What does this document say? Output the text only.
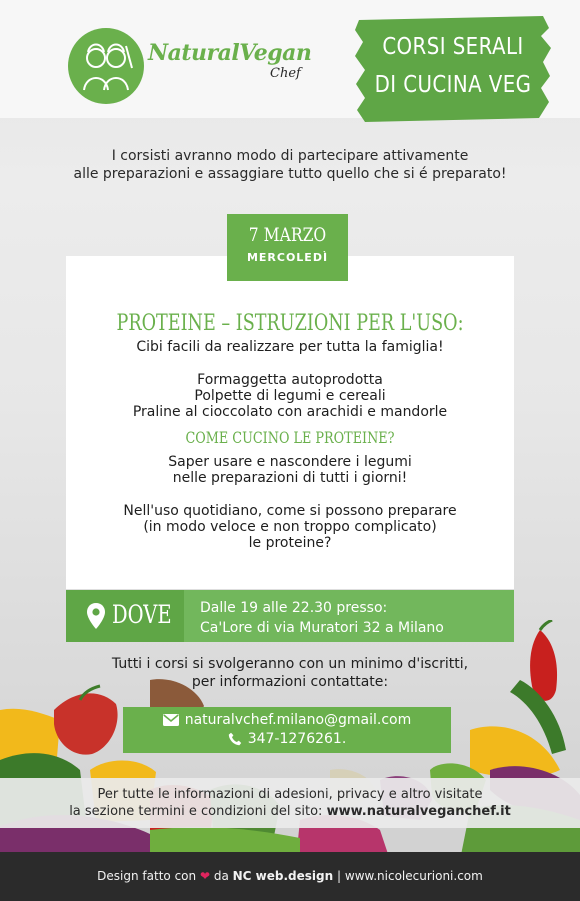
NaturalVegan
Chef
CORSI SERALI
DI CUCINA VEG
I corsisti avranno modo di partecipare attivamente
alle preparazioni e assaggiare tutto quello che si é preparato!
7 MARZO
MERCOLEDÌ
PROTEINE – ISTRUZIONI PER L'USO:
Cibi facili da realizzare per tutta la famiglia!
Formaggetta autoprodotta
Polpette di legumi e cereali
Praline al cioccolato con arachidi e mandorle
COME CUCINO LE PROTEINE?
Saper usare e nascondere i legumi
nelle preparazioni di tutti i giorni!
Nell'uso quotidiano, come si possono preparare
(in modo veloce e non troppo complicato)
le proteine?
DOVE Dalle 19 alle 22.30 presso:
Ca'Lore di via Muratori 32 a Milano
Tutti i corsi si svolgeranno con un minimo d'iscritti,
per informazioni contattate:
naturalvchef.milano@gmail.com
347-1276261.
Per tutte le informazioni di adesioni, privacy e altro visitate
la sezione termini e condizioni del sito: www.naturalveganchef.it
Design fatto con ❤ da NC web.design | www.nicolecurioni.com
